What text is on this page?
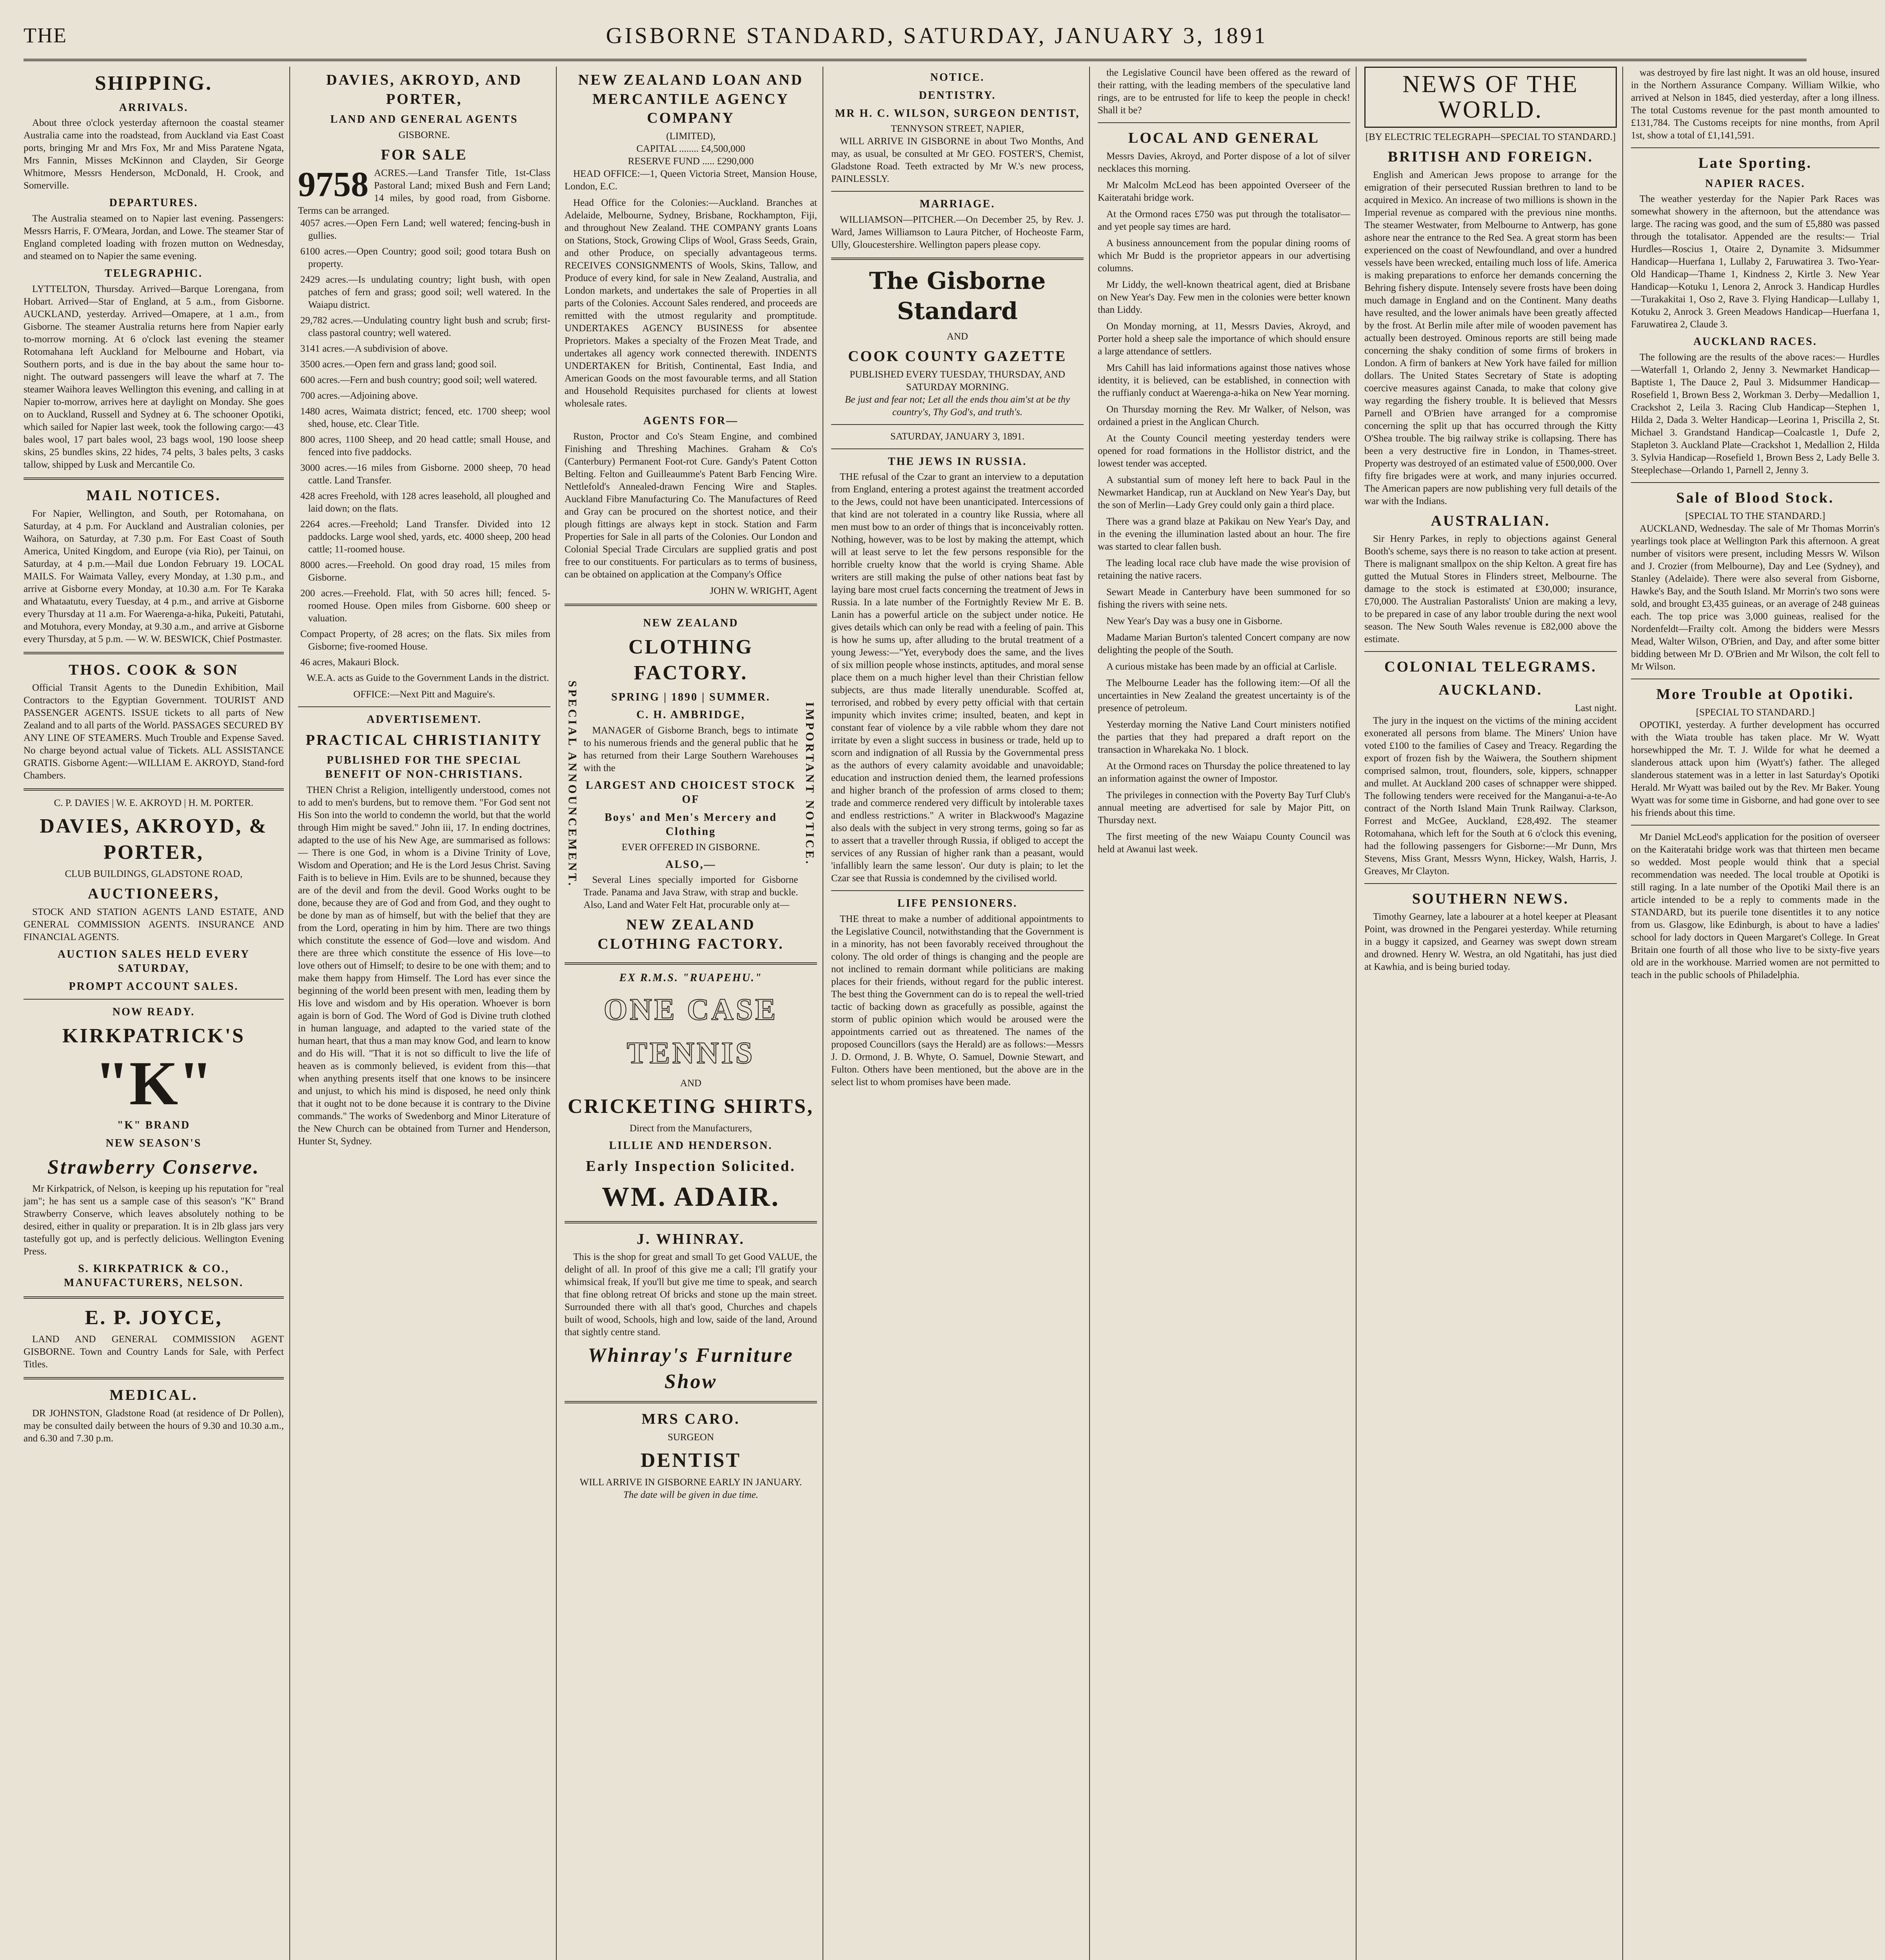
THE	GISBORNE STANDARD, SATURDAY, JANUARY 3, 1891
SHIPPING.
ARRIVALS.

About three o'clock yesterday afternoon the coastal steamer Australia came into the roadstead, from Auckland via East Coast ports, bringing Mr and Mrs Fox, Mr and Miss Paratene Ngata, Mrs Fannin, Misses McKinnon and Clayden, Sir George Whitmore, Messrs Henderson, McDonald, H. Crook, and Somerville.

DEPARTURES.

The Australia steamed on to Napier last evening. Passengers: Messrs Harris, F. O'Meara, Jordan, and Lowe. The steamer Star of England completed loading with frozen mutton on Wednesday, and steamed on to Napier the same evening.

TELEGRAPHIC.

LYTTELTON, Thursday. Arrived—Barque Lorengana, from Hobart. Arrived—Star of England, at 5 a.m., from Gisborne. AUCKLAND, yesterday. Arrived—Omapere, at 1 a.m., from Gisborne. The steamer Australia returns here from Napier early to-morrow morning. At 6 o'clock last evening the steamer Rotomahana left Auckland for Melbourne and Hobart, via Southern ports, and is due in the bay about the same hour to-night. The outward passengers will leave the wharf at 7. The steamer Waihora leaves Wellington this evening, and calling in at Napier to-morrow, arrives here at daylight on Monday. She goes on to Auckland, Russell and Sydney at 6. The schooner Opotiki, which sailed for Napier last week, took the following cargo:—43 bales wool, 17 part bales wool, 23 bags wool, 190 loose sheep skins, 25 bundles skins, 22 hides, 74 pelts, 3 bales pelts, 3 casks tallow, shipped by Lusk and Mercantile Co.

MAIL NOTICES.

For Napier, Wellington, and South, per Rotomahana, on Saturday, at 4 p.m. For Auckland and Australian colonies, per Waihora, on Saturday, at 7.30 p.m. For East Coast of South America, United Kingdom, and Europe (via Rio), per Tainui, on Saturday, at 4 p.m.—Mail due London February 19. LOCAL MAILS. For Waimata Valley, every Monday, at 1.30 p.m., and arrive at Gisborne every Monday, at 10.30 a.m. For Te Karaka and Whataatutu, every Tuesday, at 4 p.m., and arrive at Gisborne every Thursday at 11 a.m. For Waerenga-a-hika, Pukeiti, Patutahi, and Motuhora, every Monday, at 9.30 a.m., and arrive at Gisborne every Thursday, at 5 p.m. — W. W. BESWICK, Chief Postmaster.

THOS. COOK & SON

Official Transit Agents to the Dunedin Exhibition, Mail Contractors to the Egyptian Government. TOURIST AND PASSENGER AGENTS. ISSUE tickets to all parts of New Zealand and to all parts of the World. PASSAGES SECURED BY ANY LINE OF STEAMERS. Much Trouble and Expense Saved. No charge beyond actual value of Tickets. ALL ASSISTANCE GRATIS. Gisborne Agent:—WILLIAM E. AKROYD, Stand-ford Chambers.

C. P. DAVIES | W. E. AKROYD | H. M. PORTER.
DAVIES, AKROYD, & PORTER,
CLUB BUILDINGS, GLADSTONE ROAD,
AUCTIONEERS,

STOCK AND STATION AGENTS LAND ESTATE, AND GENERAL COMMISSION AGENTS. INSURANCE AND FINANCIAL AGENTS.

AUCTION SALES HELD EVERY SATURDAY,
PROMPT ACCOUNT SALES.
NOW READY.
KIRKPATRICK'S
"K"
"K" BRAND
NEW SEASON'S
Strawberry Conserve.

Mr Kirkpatrick, of Nelson, is keeping up his reputation for "real jam"; he has sent us a sample case of this season's "K" Brand Strawberry Conserve, which leaves absolutely nothing to be desired, either in quality or preparation. It is in 2lb glass jars very tastefully got up, and is perfectly delicious. Wellington Evening Press.

S. KIRKPATRICK & CO., MANUFACTURERS, NELSON.
E. P. JOYCE,

LAND AND GENERAL COMMISSION AGENT GISBORNE. Town and Country Lands for Sale, with Perfect Titles.

MEDICAL.

DR JOHNSTON, Gladstone Road (at residence of Dr Pollen), may be consulted daily between the hours of 9.30 and 10.30 a.m., and 6.30 and 7.30 p.m.

DAVIES, AKROYD, AND PORTER,
LAND AND GENERAL AGENTS
GISBORNE.
FOR SALE
9758 ACRES.—Land Transfer Title, 1st-Class Pastoral Land; mixed Bush and Fern Land; 14 miles, by good road, from Gisborne. Terms can be arranged.
4057 acres.—Open Fern Land; well watered; fencing-bush in gullies.
6100 acres.—Open Country; good soil; good totara Bush on property.
2429 acres.—Is undulating country; light bush, with open patches of fern and grass; good soil; well watered. In the Waiapu district.
29,782 acres.—Undulating country light bush and scrub; first-class pastoral country; well watered.
3141 acres.—A subdivision of above.
3500 acres.—Open fern and grass land; good soil.
600 acres.—Fern and bush country; good soil; well watered.
700 acres.—Adjoining above.
1480 acres, Waimata district; fenced, etc. 1700 sheep; wool shed, house, etc. Clear Title.
800 acres, 1100 Sheep, and 20 head cattle; small House, and fenced into five paddocks.
3000 acres.—16 miles from Gisborne. 2000 sheep, 70 head cattle. Land Transfer.
428 acres Freehold, with 128 acres leasehold, all ploughed and laid down; on the flats.
2264 acres.—Freehold; Land Transfer. Divided into 12 paddocks. Large wool shed, yards, etc. 4000 sheep, 200 head cattle; 11-roomed house.
8000 acres.—Freehold. On good dray road, 15 miles from Gisborne.
200 acres.—Freehold. Flat, with 50 acres hill; fenced. 5-roomed House. Open miles from Gisborne. 600 sheep or valuation.
Compact Property, of 28 acres; on the flats. Six miles from Gisborne; five-roomed House.
46 acres, Makauri Block.

W.E.A. acts as Guide to the Government Lands in the district.

OFFICE:—Next Pitt and Maguire's.
ADVERTISEMENT.
PRACTICAL CHRISTIANITY
PUBLISHED FOR THE SPECIAL BENEFIT OF NON-CHRISTIANS.

THEN Christ a Religion, intelligently understood, comes not to add to men's burdens, but to remove them. "For God sent not His Son into the world to condemn the world, but that the world through Him might be saved." John iii, 17. In ending doctrines, adapted to the use of his New Age, are summarised as follows:— There is one God, in whom is a Divine Trinity of Love, Wisdom and Operation; and He is the Lord Jesus Christ. Saving Faith is to believe in Him. Evils are to be shunned, because they are of the devil and from the devil. Good Works ought to be done, because they are of God and from God, and they ought to be done by man as of himself, but with the belief that they are from the Lord, operating in him by him. There are two things which constitute the essence of God—love and wisdom. And there are three which constitute the essence of His love—to love others out of Himself; to desire to be one with them; and to make them happy from Himself. The Lord has ever since the beginning of the world been present with men, leading them by His love and wisdom and by His operation. Whoever is born again is born of God. The Word of God is Divine truth clothed in human language, and adapted to the varied state of the human heart, that thus a man may know God, and learn to know and do His will. "That it is not so difficult to live the life of heaven as is commonly believed, is evident from this—that when anything presents itself that one knows to be insincere and unjust, to which his mind is disposed, he need only think that it ought not to be done because it is contrary to the Divine commands." The works of Swedenborg and Minor Literature of the New Church can be obtained from Turner and Henderson, Hunter St, Sydney.

NEW ZEALAND LOAN AND MERCANTILE AGENCY COMPANY
(LIMITED),
CAPITAL ........ £4,500,000
RESERVE FUND ..... £290,000

HEAD OFFICE:—1, Queen Victoria Street, Mansion House, London, E.C.

Head Office for the Colonies:—Auckland. Branches at Adelaide, Melbourne, Sydney, Brisbane, Rockhampton, Fiji, and throughout New Zealand. THE COMPANY grants Loans on Stations, Stock, Growing Clips of Wool, Grass Seeds, Grain, and other Produce, on specially advantageous terms. RECEIVES CONSIGNMENTS of Wools, Skins, Tallow, and Produce of every kind, for sale in New Zealand, Australia, and London markets, and undertakes the sale of Properties in all parts of the Colonies. Account Sales rendered, and proceeds are remitted with the utmost regularity and promptitude. UNDERTAKES AGENCY BUSINESS for absentee Proprietors. Makes a specialty of the Frozen Meat Trade, and undertakes all agency work connected therewith. INDENTS UNDERTAKEN for British, Continental, East India, and American Goods on the most favourable terms, and all Station and Household Requisites purchased for clients at lowest wholesale rates.

AGENTS FOR—

Ruston, Proctor and Co's Steam Engine, and combined Finishing and Threshing Machines. Graham & Co's (Canterbury) Permanent Foot-rot Cure. Gandy's Patent Cotton Belting. Felton and Guilleaumme's Patent Barb Fencing Wire. Nettlefold's Annealed-drawn Fencing Wire and Staples. Auckland Fibre Manufacturing Co. The Manufactures of Reed and Gray can be procured on the shortest notice, and their plough fittings are always kept in stock. Station and Farm Properties for Sale in all parts of the Colonies. Our London and Colonial Special Trade Circulars are supplied gratis and post free to our constituents. For particulars as to terms of business, can be obtained on application at the Company's Office

JOHN W. WRIGHT, Agent
SPECIAL ANNOUNCEMENT.
NEW ZEALAND
CLOTHING FACTORY.
SPRING | 1890 | SUMMER.
C. H. AMBRIDGE,

MANAGER of Gisborne Branch, begs to intimate to his numerous friends and the general public that he has returned from their Large Southern Warehouses with the

LARGEST AND CHOICEST STOCK OF
Boys' and Men's Mercery and Clothing
EVER OFFERED IN GISBORNE.
ALSO,—

Several Lines specially imported for Gisborne Trade. Panama and Java Straw, with strap and buckle. Also, Land and Water Felt Hat, procurable only at—

NEW ZEALAND CLOTHING FACTORY.
IMPORTANT NOTICE.
EX R.M.S. "RUAPEHU."
ONE CASE
TENNIS
AND
CRICKETING SHIRTS,
Direct from the Manufacturers,
LILLIE AND HENDERSON.
Early Inspection Solicited.
WM. ADAIR.
J. WHINRAY.

This is the shop for great and small To get Good VALUE, the delight of all. In proof of this give me a call; I'll gratify your whimsical freak, If you'll but give me time to speak, and search that fine oblong retreat Of bricks and stone up the main street. Surrounded there with all that's good, Churches and chapels built of wood, Schools, high and low, saide of the land, Around that sightly centre stand.

Whinray's Furniture Show
MRS CARO.
SURGEON
DENTIST
WILL ARRIVE IN GISBORNE EARLY IN JANUARY.
The date will be given in due time.
NOTICE.
DENTISTRY.
MR H. C. WILSON, SURGEON DENTIST,
TENNYSON STREET, NAPIER,

WILL ARRIVE IN GISBORNE in about Two Months, And may, as usual, be consulted at Mr GEO. FOSTER'S, Chemist, Gladstone Road. Teeth extracted by Mr W.'s new process, PAINLESSLY.

MARRIAGE.

WILLIAMSON—PITCHER.—On December 25, by Rev. J. Ward, James Williamson to Laura Pitcher, of Hocheoste Farm, Ully, Gloucestershire. Wellington papers please copy.

The Gisborne Standard
AND
COOK COUNTY GAZETTE
PUBLISHED EVERY TUESDAY, THURSDAY, AND SATURDAY MORNING.
Be just and fear not; Let all the ends thou aim'st at be thy country's, Thy God's, and truth's.
SATURDAY, JANUARY 3, 1891.
THE JEWS IN RUSSIA.

THE refusal of the Czar to grant an interview to a deputation from England, entering a protest against the treatment accorded to the Jews, could not have been unanticipated. Intercessions of that kind are not tolerated in a country like Russia, where all men must bow to an order of things that is inconceivably rotten. Nothing, however, was to be lost by making the attempt, which will at least serve to let the few persons responsible for the horrible cruelty know that the world is crying Shame. Able writers are still making the pulse of other nations beat fast by laying bare most cruel facts concerning the treatment of Jews in Russia. In a late number of the Fortnightly Review Mr E. B. Lanin has a powerful article on the subject under notice. He gives details which can only be read with a feeling of pain. This is how he sums up, after alluding to the brutal treatment of a young Jewess:—"Yet, everybody does the same, and the lives of six million people whose instincts, aptitudes, and moral sense place them on a much higher level than their Christian fellow subjects, are thus made literally unendurable. Scoffed at, terrorised, and robbed by every petty official with that certain impunity which invites crime; insulted, beaten, and kept in constant fear of violence by a vile rabble whom they dare not irritate by even a slight success in business or trade, held up to scorn and indignation of all Russia by the Governmental press as the authors of every calamity avoidable and unavoidable; education and instruction denied them, the learned professions and higher branch of the profession of arms closed to them; trade and commerce rendered very difficult by intolerable taxes and endless restrictions." A writer in Blackwood's Magazine also deals with the subject in very strong terms, going so far as to assert that a traveller through Russia, if obliged to accept the services of any Russian of higher rank than a peasant, would 'infallibly learn the same lesson'. Our duty is plain; to let the Czar see that Russia is condemned by the civilised world.

LIFE PENSIONERS.

THE threat to make a number of additional appointments to the Legislative Council, notwithstanding that the Government is in a minority, has not been favorably received throughout the colony. The old order of things is changing and the people are not inclined to remain dormant while politicians are making places for their friends, without regard for the public interest. The best thing the Government can do is to repeal the well-tried tactic of backing down as gracefully as possible, against the storm of public opinion which would be aroused were the appointments carried out as threatened. The names of the proposed Councillors (says the Herald) are as follows:—Messrs J. D. Ormond, J. B. Whyte, O. Samuel, Downie Stewart, and Fulton. Others have been mentioned, but the above are in the select list to whom promises have been made.

the Legislative Council have been offered as the reward of their ratting, with the leading members of the speculative land rings, are to be entrusted for life to keep the people in check! Shall it be?

LOCAL AND GENERAL

Messrs Davies, Akroyd, and Porter dispose of a lot of silver necklaces this morning.

Mr Malcolm McLeod has been appointed Overseer of the Kaiteratahi bridge work.

At the Ormond races £750 was put through the totalisator—and yet people say times are hard.

A business announcement from the popular dining rooms of which Mr Budd is the proprietor appears in our advertising columns.

Mr Liddy, the well-known theatrical agent, died at Brisbane on New Year's Day. Few men in the colonies were better known than Liddy.

On Monday morning, at 11, Messrs Davies, Akroyd, and Porter hold a sheep sale the importance of which should ensure a large attendance of settlers.

Mrs Cahill has laid informations against those natives whose identity, it is believed, can be established, in connection with the ruffianly conduct at Waerenga-a-hika on New Year morning.

On Thursday morning the Rev. Mr Walker, of Nelson, was ordained a priest in the Anglican Church.

At the County Council meeting yesterday tenders were opened for road formations in the Hollistor district, and the lowest tender was accepted.

A substantial sum of money left here to back Paul in the Newmarket Handicap, run at Auckland on New Year's Day, but the son of Merlin—Lady Grey could only gain a third place.

There was a grand blaze at Pakikau on New Year's Day, and in the evening the illumination lasted about an hour. The fire was started to clear fallen bush.

The leading local race club have made the wise provision of retaining the native racers.

Sewart Meade in Canterbury have been summoned for so fishing the rivers with seine nets.

New Year's Day was a busy one in Gisborne.

Madame Marian Burton's talented Concert company are now delighting the people of the South.

A curious mistake has been made by an official at Carlisle.

The Melbourne Leader has the following item:—Of all the uncertainties in New Zealand the greatest uncertainty is of the presence of petroleum.

Yesterday morning the Native Land Court ministers notified the parties that they had prepared a draft report on the transaction in Wharekaka No. 1 block.

At the Ormond races on Thursday the police threatened to lay an information against the owner of Impostor.

The privileges in connection with the Poverty Bay Turf Club's annual meeting are advertised for sale by Major Pitt, on Thursday next.

The first meeting of the new Waiapu County Council was held at Awanui last week.

NEWS OF THE WORLD.
[BY ELECTRIC TELEGRAPH—SPECIAL TO STANDARD.]
BRITISH AND FOREIGN.

English and American Jews propose to arrange for the emigration of their persecuted Russian brethren to land to be acquired in Mexico. An increase of two millions is shown in the Imperial revenue as compared with the previous nine months. The steamer Westwater, from Melbourne to Antwerp, has gone ashore near the entrance to the Red Sea. A great storm has been experienced on the coast of Newfoundland, and over a hundred vessels have been wrecked, entailing much loss of life. America is making preparations to enforce her demands concerning the Behring fishery dispute. Intensely severe frosts have been doing much damage in England and on the Continent. Many deaths have resulted, and the lower animals have been greatly affected by the frost. At Berlin mile after mile of wooden pavement has actually been destroyed. Ominous reports are still being made concerning the shaky condition of some firms of brokers in London. A firm of bankers at New York have failed for million dollars. The United States Secretary of State is adopting coercive measures against Canada, to make that colony give way regarding the fishery trouble. It is believed that Messrs Parnell and O'Brien have arranged for a compromise concerning the split up that has occurred through the Kitty O'Shea trouble. The big railway strike is collapsing. There has been a very destructive fire in London, in Thames-street. Property was destroyed of an estimated value of £500,000. Over fifty fire brigades were at work, and many injuries occurred. The American papers are now publishing very full details of the war with the Indians.

AUSTRALIAN.

Sir Henry Parkes, in reply to objections against General Booth's scheme, says there is no reason to take action at present. There is malignant smallpox on the ship Kelton. A great fire has gutted the Mutual Stores in Flinders street, Melbourne. The damage to the stock is estimated at £30,000; insurance, £70,000. The Australian Pastoralists' Union are making a levy, to be prepared in case of any labor trouble during the next wool season. The New South Wales revenue is £82,000 above the estimate.

COLONIAL TELEGRAMS.
AUCKLAND.
Last night.

The jury in the inquest on the victims of the mining accident exonerated all persons from blame. The Miners' Union have voted £100 to the families of Casey and Treacy. Regarding the export of frozen fish by the Waiwera, the Southern shipment comprised salmon, trout, flounders, sole, kippers, schnapper and mullet. At Auckland 200 cases of schnapper were shipped. The following tenders were received for the Manganui-a-te-Ao contract of the North Island Main Trunk Railway. Clarkson, Forrest and McGee, Auckland, £28,492. The steamer Rotomahana, which left for the South at 6 o'clock this evening, had the following passengers for Gisborne:—Mr Dunn, Mrs Stevens, Miss Grant, Messrs Wynn, Hickey, Walsh, Harris, J. Greaves, Mr Clayton.

SOUTHERN NEWS.

Timothy Gearney, late a labourer at a hotel keeper at Pleasant Point, was drowned in the Pengarei yesterday. While returning in a buggy it capsized, and Gearney was swept down stream and drowned. Henry W. Westra, an old Ngatitahi, has just died at Kawhia, and is being buried today.

was destroyed by fire last night. It was an old house, insured in the Northern Assurance Company. William Wilkie, who arrived at Nelson in 1845, died yesterday, after a long illness. The total Customs revenue for the past month amounted to £131,784. The Customs receipts for nine months, from April 1st, show a total of £1,141,591.

Late Sporting.
NAPIER RACES.

The weather yesterday for the Napier Park Races was somewhat showery in the afternoon, but the attendance was large. The racing was good, and the sum of £5,880 was passed through the totalisator. Appended are the results:— Trial Hurdles—Roscius 1, Otaire 2, Dynamite 3. Midsummer Handicap—Huerfana 1, Lullaby 2, Faruwatirea 3. Two-Year-Old Handicap—Thame 1, Kindness 2, Kirtle 3. New Year Handicap—Kotuku 1, Lenora 2, Anrock 3. Handicap Hurdles—Turakakitai 1, Oso 2, Rave 3. Flying Handicap—Lullaby 1, Kotuku 2, Anrock 3. Green Meadows Handicap—Huerfana 1, Faruwatirea 2, Claude 3.

AUCKLAND RACES.

The following are the results of the above races:— Hurdles—Waterfall 1, Orlando 2, Jenny 3. Newmarket Handicap—Baptiste 1, The Dauce 2, Paul 3. Midsummer Handicap—Rosefield 1, Brown Bess 2, Workman 3. Derby—Medallion 1, Crackshot 2, Leila 3. Racing Club Handicap—Stephen 1, Hilda 2, Dada 3. Welter Handicap—Leorina 1, Priscilla 2, St. Michael 3. Grandstand Handicap—Coalcastle 1, Dufe 2, Stapleton 3. Auckland Plate—Crackshot 1, Medallion 2, Hilda 3. Sylvia Handicap—Rosefield 1, Brown Bess 2, Lady Belle 3. Steeplechase—Orlando 1, Parnell 2, Jenny 3.

Sale of Blood Stock.
[SPECIAL TO THE STANDARD.]

AUCKLAND, Wednesday. The sale of Mr Thomas Morrin's yearlings took place at Wellington Park this afternoon. A great number of visitors were present, including Messrs W. Wilson and J. Crozier (from Melbourne), Day and Lee (Sydney), and Stanley (Adelaide). There were also several from Gisborne, Hawke's Bay, and the South Island. Mr Morrin's two sons were sold, and brought £3,435 guineas, or an average of 248 guineas each. The top price was 3,000 guineas, realised for the Nordenfeldt—Frailty colt. Among the bidders were Messrs Mead, Walter Wilson, O'Brien, and Day, and after some bitter bidding between Mr D. O'Brien and Mr Wilson, the colt fell to Mr Wilson.

More Trouble at Opotiki.
[SPECIAL TO STANDARD.]

OPOTIKI, yesterday. A further development has occurred with the Wiata trouble has taken place. Mr W. Wyatt horsewhipped the Mr. T. J. Wilde for what he deemed a slanderous attack upon him (Wyatt's) father. The alleged slanderous statement was in a letter in last Saturday's Opotiki Herald. Mr Wyatt was bailed out by the Rev. Mr Baker. Young Wyatt was for some time in Gisborne, and had gone over to see his friends about this time.

Mr Daniel McLeod's application for the position of overseer on the Kaiteratahi bridge work was that thirteen men became so wedded. Most people would think that a special recommendation was needed. The local trouble at Opotiki is still raging. In a late number of the Opotiki Mail there is an article intended to be a reply to comments made in the STANDARD, but its puerile tone disentitles it to any notice from us. Glasgow, like Edinburgh, is about to have a ladies' school for lady doctors in Queen Margaret's College. In Great Britain one fourth of all those who live to be sixty-five years old are in the workhouse. Married women are not permitted to teach in the public schools of Philadelphia.
